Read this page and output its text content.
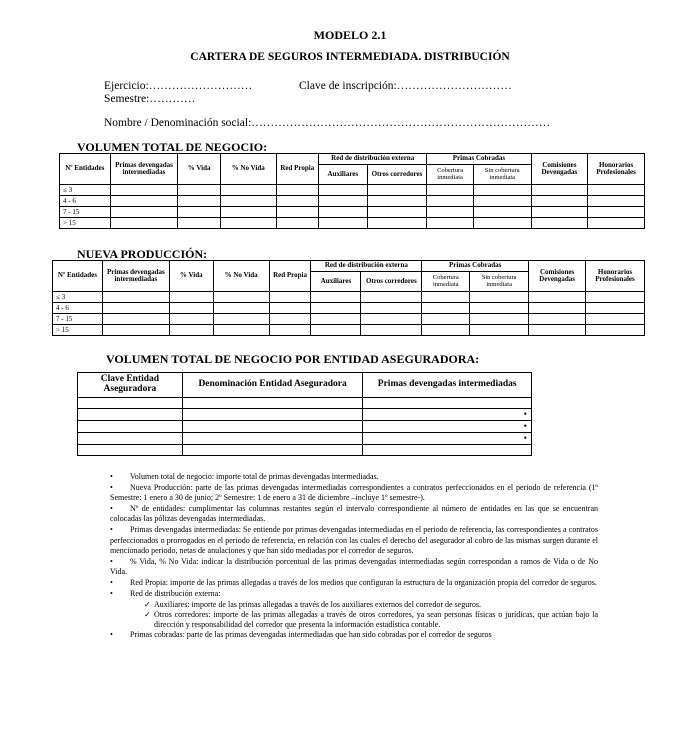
MODELO 2.1
CARTERA DE SEGUROS INTERMEDIADA. DISTRIBUCIÓN
Ejercicio:………………………	Clave de inscripción:…………………………
Semestre:…………
Nombre / Denominación social:……………………………………………………………………
VOLUMEN TOTAL DE NEGOCIO:
Nº Entidades	Primas devengadas intermediadas	% Vida	% No Vida	Red Propia	Red de distribución externa		Primas Cobradas		Comisiones Devengadas	Honorarios Profesionales
					Auxiliares	Otros corredores	Cobertura inmediata	Sin cobertura inmediata		
≤ 3										
4 - 6										
7 - 15										
> 15										
NUEVA PRODUCCIÓN:
Nº Entidades	Primas devengadas intermediadas	% Vida	% No Vida	Red Propia	Red de distribución externa		Primas Cobradas		Comisiones Devengadas	Honorarios Profesionales
					Auxiliares	Otros corredores	Cobertura inmediata	Sin cobertura inmediata		
≤ 3										
4 - 6										
7 - 15										
> 15										
VOLUMEN TOTAL DE NEGOCIO POR ENTIDAD ASEGURADORA:
Clave Entidad Aseguradora	Denominación Entidad Aseguradora	Primas devengadas intermediadas

		•
		•
		•

• Volumen total de negocio: importe total de primas devengadas intermediadas.
• Nueva Producción: parte de las primas devengadas intermediadas correspondientes a contratos perfeccionados en el periodo de referencia (1º Semestre: 1 enero a 30 de junio; 2º Semestre: 1 de enero a 31 de diciembre –incluye 1º semestre-).
• Nº de entidades: cumplimentar las columnas restantes según el intervalo correspondiente al número de entidades en las que se encuentran colocadas las pólizas devengadas intermediadas.
• Primas devengadas intermediadas: Se entiende por primas devengadas intermediadas en el periodo de referencia, las correspondientes a contratos perfeccionados o prorrogados en el periodo de referencia, en relación con las cuales el derecho del asegurador al cobro de las mismas surgen durante el mencionado periodo, netas de anulaciones y que han sido mediadas por el corredor de seguros.
• % Vida, % No Vida: indicar la distribución porcentual de las primas devengadas intermediadas según correspondan a ramos de Vida o de No Vida.
• Red Propia: importe de las primas allegadas a través de los medios que configuran la estructura de la organización propia del corredor de seguros.
• Red de distribución externa:
✓ Auxiliares: importe de las primas allegadas a través de los auxiliares externos del corredor de seguros.
✓ Otros corredores: importe de las primas allegadas a través de otros corredores, ya sean personas físicas o jurídicas, que actúan bajo la dirección y responsabilidad del corredor que presenta la información estadística contable.
• Primas cobradas: parte de las primas devengadas intermediadas que han sido cobradas por el corredor de seguros
